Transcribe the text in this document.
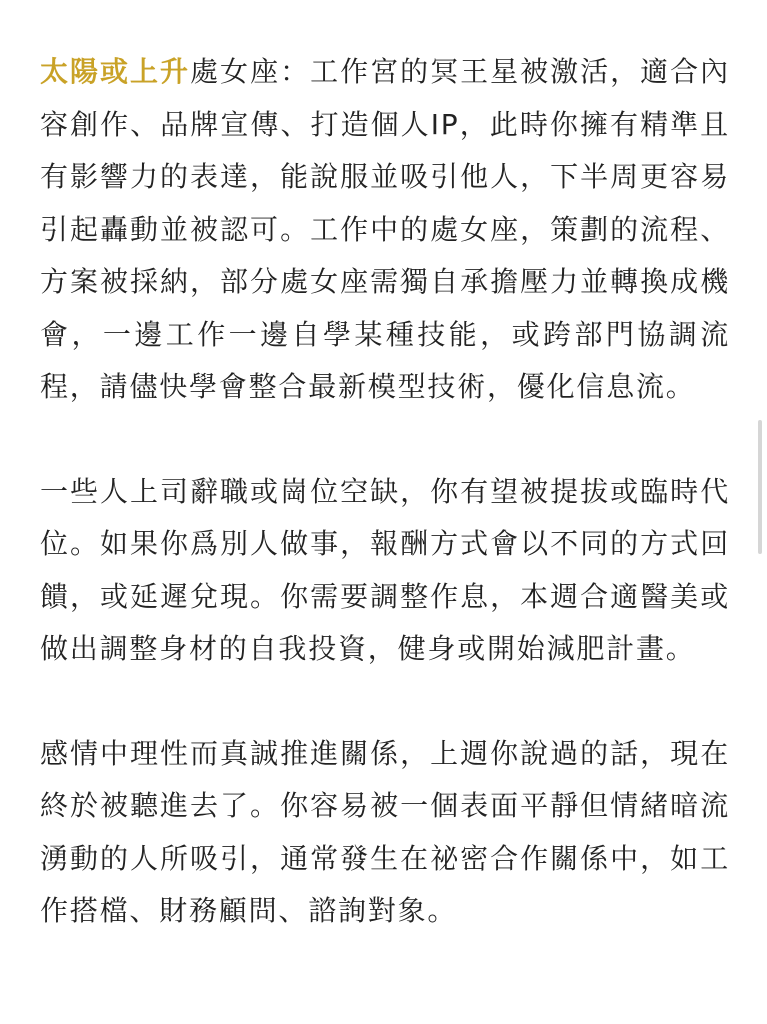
太陽或上升處女座：工作宮的冥王星被激活，適合內容創作、品牌宣傳、打造個人IP，此時你擁有精準且有影響力的表達，能說服並吸引他人，下半周更容易引起轟動並被認可。工作中的處女座，策劃的流程、方案被採納，部分處女座需獨自承擔壓力並轉換成機會，一邊工作一邊自學某種技能，或跨部門協調流程，請儘快學會整合最新模型技術，優化信息流。

一些人上司辭職或崗位空缺，你有望被提拔或臨時代位。如果你爲別人做事，報酬方式會以不同的方式回饋，或延遲兌現。你需要調整作息，本週合適醫美或做出調整身材的自我投資，健身或開始減肥計畫。

感情中理性而真誠推進關係，上週你說過的話，現在終於被聽進去了。你容易被一個表面平靜但情緒暗流湧動的人所吸引，通常發生在祕密合作關係中，如工作搭檔、財務顧問、諮詢對象。
